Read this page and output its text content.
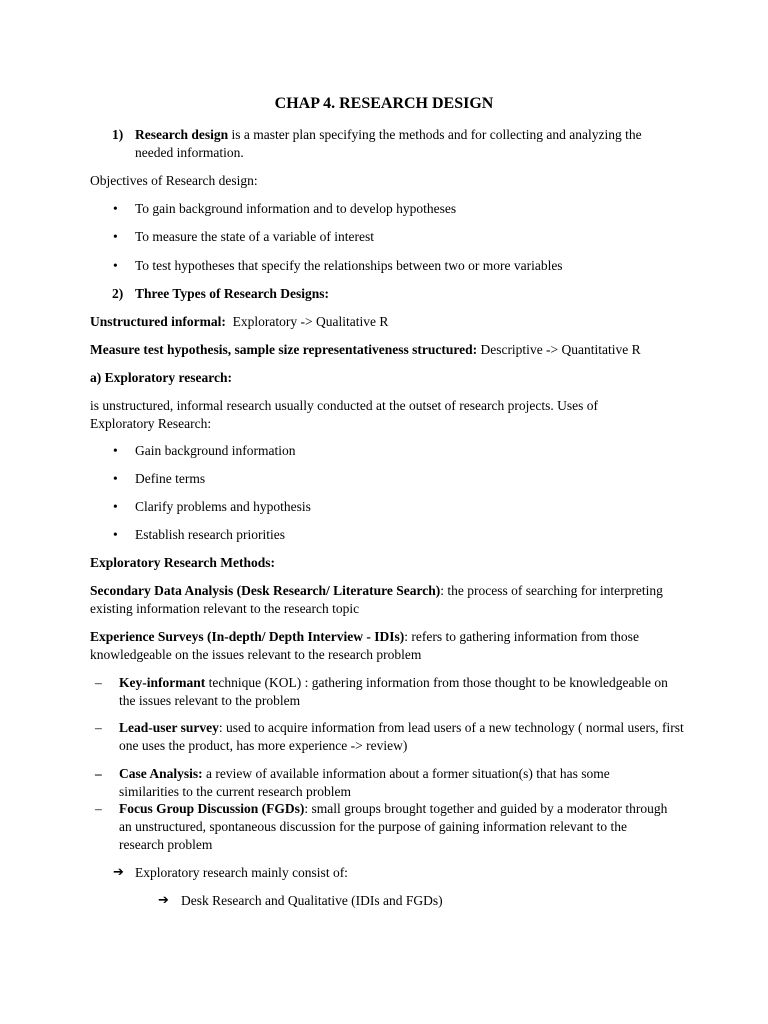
CHAP 4. RESEARCH DESIGN
1) Research design is a master plan specifying the methods and for collecting and analyzing the needed information.
Objectives of Research design:
• To gain background information and to develop hypotheses
• To measure the state of a variable of interest
• To test hypotheses that specify the relationships between two or more variables
2) Three Types of Research Designs:
Unstructured informal:  Exploratory -> Qualitative R
Measure test hypothesis, sample size representativeness structured: Descriptive -> Quantitative R
a) Exploratory research:
is unstructured, informal research usually conducted at the outset of research projects. Uses of Exploratory Research:
• Gain background information
• Define terms
• Clarify problems and hypothesis
• Establish research priorities
Exploratory Research Methods:
Secondary Data Analysis (Desk Research/ Literature Search): the process of searching for interpreting existing information relevant to the research topic
Experience Surveys (In-depth/ Depth Interview - IDIs): refers to gathering information from those knowledgeable on the issues relevant to the research problem
– Key-informant technique (KOL) : gathering information from those thought to be knowledgeable on the issues relevant to the problem
– Lead-user survey: used to acquire information from lead users of a new technology ( normal users, first one uses the product, has more experience -> review)
– Case Analysis: a review of available information about a former situation(s) that has some similarities to the current research problem
– Focus Group Discussion (FGDs): small groups brought together and guided by a moderator through an unstructured, spontaneous discussion for the purpose of gaining information relevant to the research problem
➔ Exploratory research mainly consist of:
➔ Desk Research and Qualitative (IDIs and FGDs)
